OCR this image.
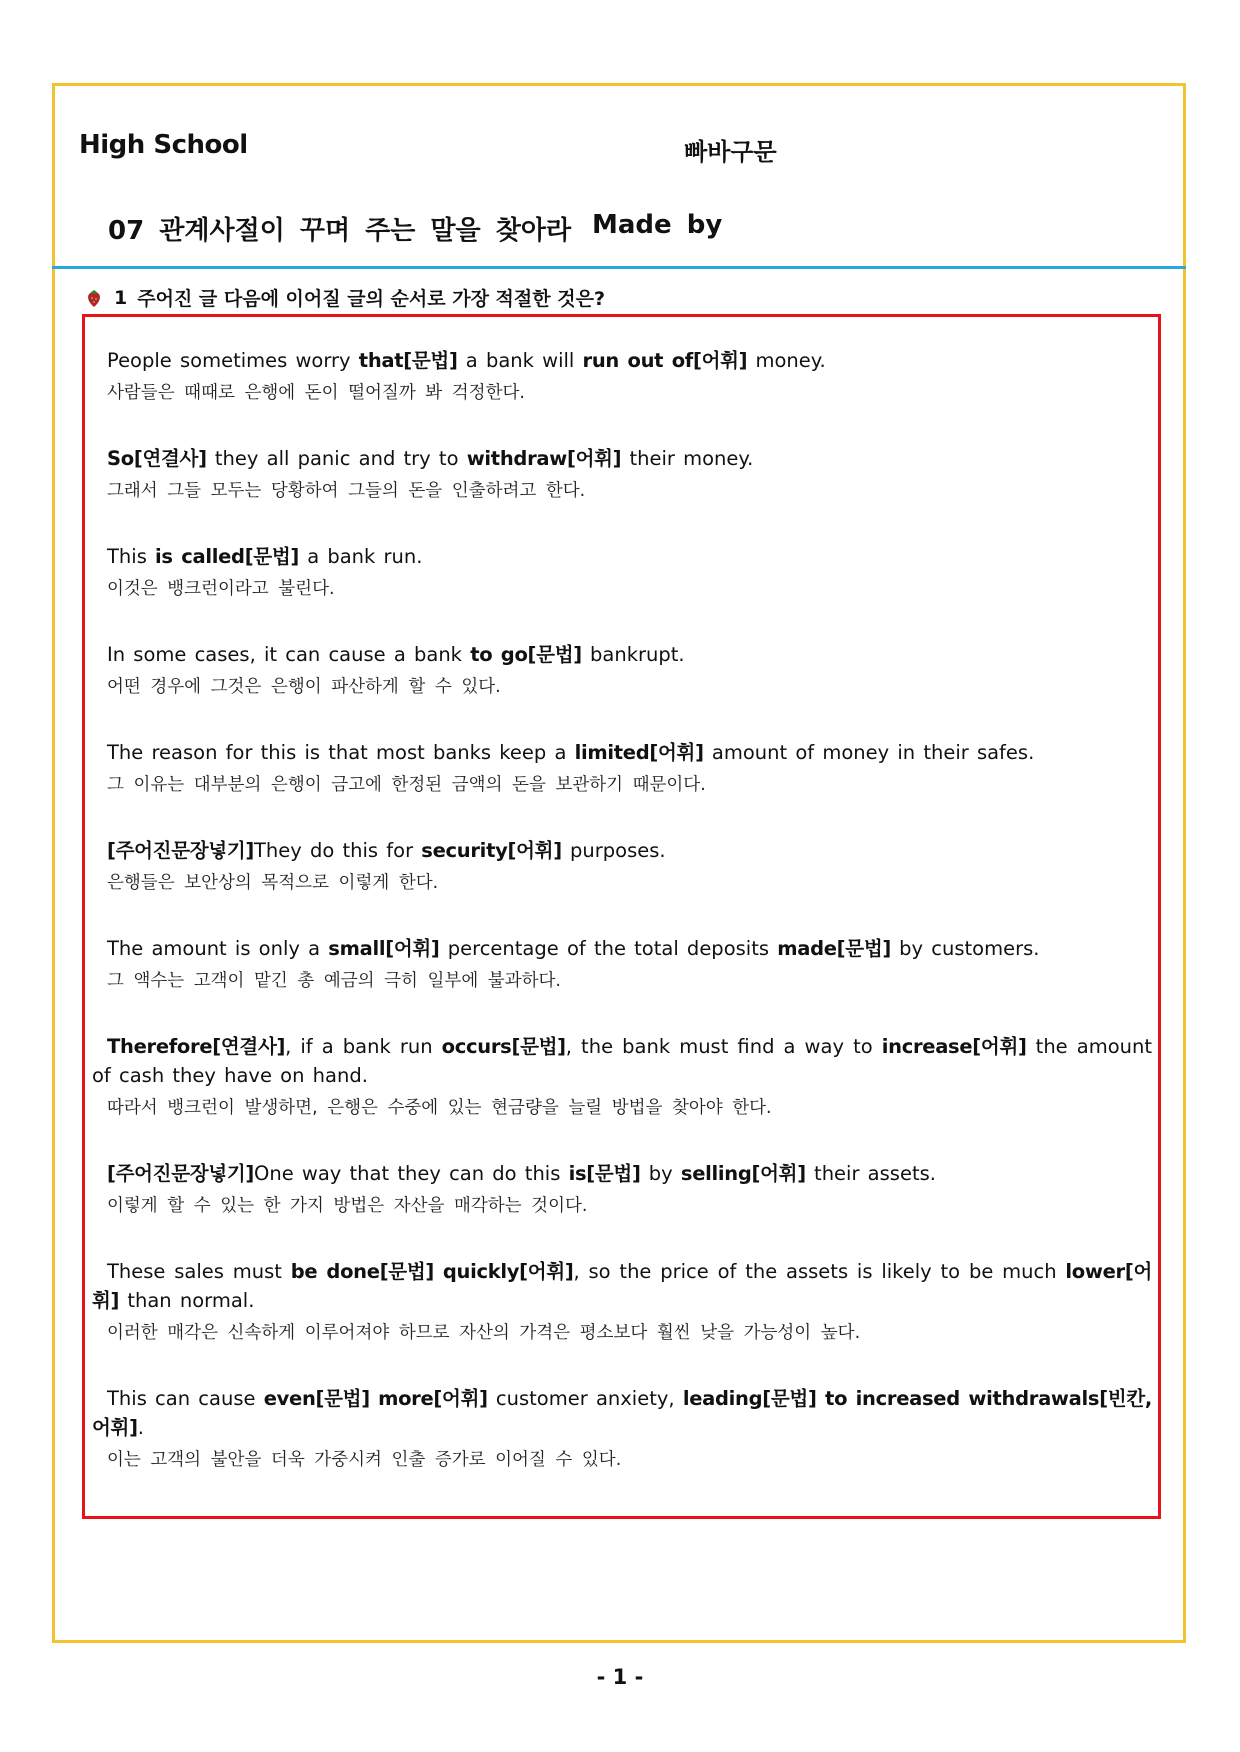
High School	빠바구문
07 관계사절이 꾸며 주는 말을 찾아라 Made by
1 주어진 글 다음에 이어질 글의 순서로 가장 적절한 것은?

People sometimes worry that[문법] a bank will run out of[어휘] money.

사람들은 때때로 은행에 돈이 떨어질까 봐 걱정한다.

So[연결사] they all panic and try to withdraw[어휘] their money.

그래서 그들 모두는 당황하여 그들의 돈을 인출하려고 한다.

This is called[문법] a bank run.

이것은 뱅크런이라고 불린다.

In some cases, it can cause a bank to go[문법] bankrupt.

어떤 경우에 그것은 은행이 파산하게 할 수 있다.

The reason for this is that most banks keep a limited[어휘] amount of money in their safes.

그 이유는 대부분의 은행이 금고에 한정된 금액의 돈을 보관하기 때문이다.

[주어진문장넣기]They do this for security[어휘] purposes.

은행들은 보안상의 목적으로 이렇게 한다.

The amount is only a small[어휘] percentage of the total deposits made[문법] by customers.

그 액수는 고객이 맡긴 총 예금의 극히 일부에 불과하다.

Therefore[연결사], if a bank run occurs[문법], the bank must find a way to increase[어휘] the amount of cash they have on hand.

따라서 뱅크런이 발생하면, 은행은 수중에 있는 현금량을 늘릴 방법을 찾아야 한다.

[주어진문장넣기]One way that they can do this is[문법] by selling[어휘] their assets.

이렇게 할 수 있는 한 가지 방법은 자산을 매각하는 것이다.

These sales must be done[문법] quickly[어휘], so the price of the assets is likely to be much lower[어휘] than normal.

이러한 매각은 신속하게 이루어져야 하므로 자산의 가격은 평소보다 훨씬 낮을 가능성이 높다.

This can cause even[문법] more[어휘] customer anxiety, leading[문법] to increased withdrawals[빈칸,어휘].

이는 고객의 불안을 더욱 가중시켜 인출 증가로 이어질 수 있다.

- 1 -
